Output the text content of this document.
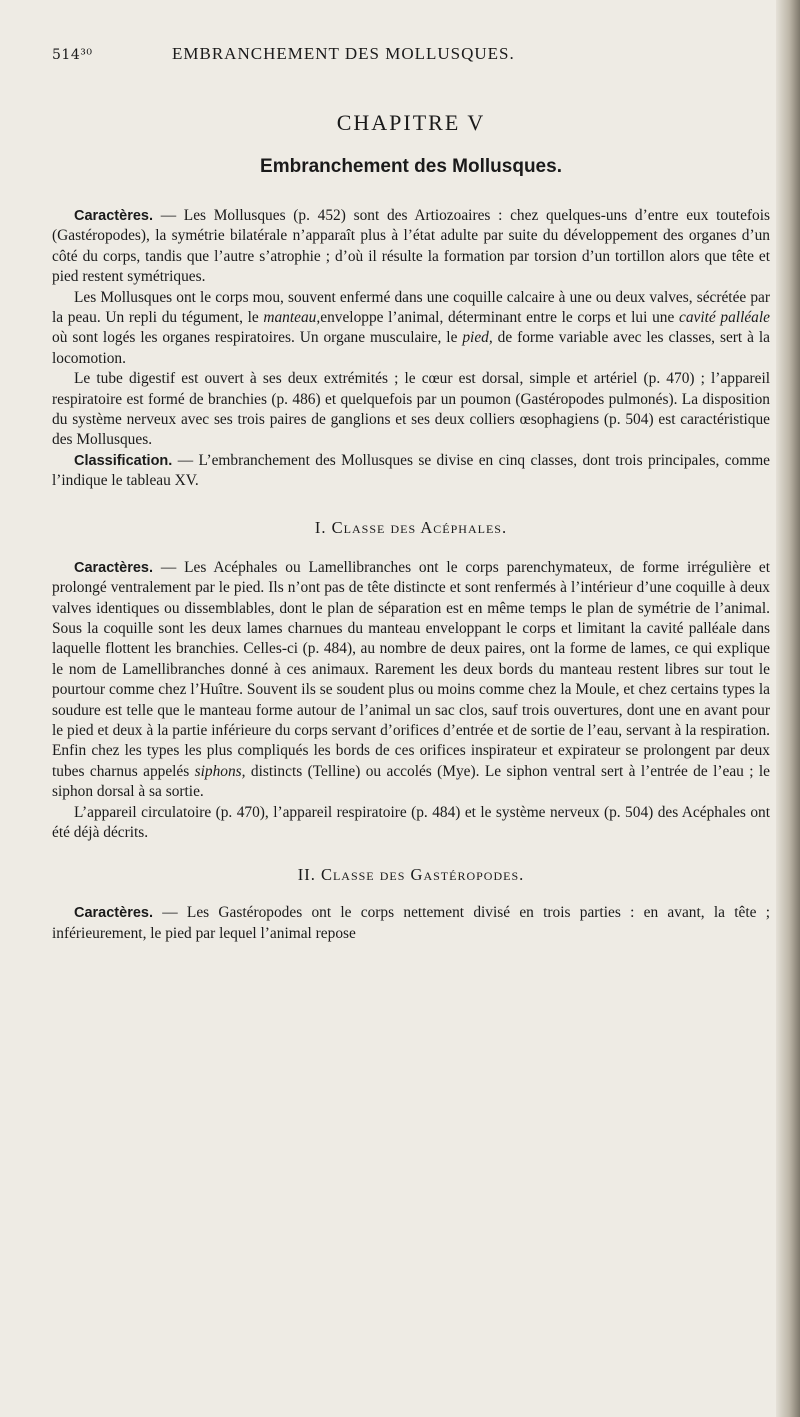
514³⁰	EMBRANCHEMENT DES MOLLUSQUES.
CHAPITRE V
Embranchement des Mollusques.

Caractères. — Les Mollusques (p. 452) sont des Artiozoaires : chez quelques-uns d’entre eux toutefois (Gastéropodes), la symétrie bilatérale n’apparaît plus à l’état adulte par suite du développement des organes d’un côté du corps, tandis que l’autre s’atrophie ; d’où il résulte la formation par torsion d’un tortillon alors que tête et pied restent symétriques.

Les Mollusques ont le corps mou, souvent enfermé dans une coquille calcaire à une ou deux valves, sécrétée par la peau. Un repli du tégument, le manteau,enveloppe l’animal, déterminant entre le corps et lui une cavité palléale où sont logés les organes respiratoires. Un organe musculaire, le pied, de forme variable avec les classes, sert à la locomotion.

Le tube digestif est ouvert à ses deux extrémités ; le cœur est dorsal, simple et artériel (p. 470) ; l’appareil respiratoire est formé de branchies (p. 486) et quelquefois par un poumon (Gastéropodes pulmonés). La disposition du système nerveux avec ses trois paires de ganglions et ses deux colliers œsophagiens (p. 504) est caractéristique des Mollusques.

Classification. — L’embranchement des Mollusques se divise en cinq classes, dont trois principales, comme l’indique le tableau XV.

I. Classe des Acéphales.

Caractères. — Les Acéphales ou Lamellibranches ont le corps parenchymateux, de forme irrégulière et prolongé ventralement par le pied. Ils n’ont pas de tête distincte et sont renfermés à l’intérieur d’une coquille à deux valves identiques ou dissemblables, dont le plan de séparation est en même temps le plan de symétrie de l’animal. Sous la coquille sont les deux lames charnues du manteau enveloppant le corps et limitant la cavité palléale dans laquelle flottent les branchies. Celles-ci (p. 484), au nombre de deux paires, ont la forme de lames, ce qui explique le nom de Lamellibranches donné à ces animaux. Rarement les deux bords du manteau restent libres sur tout le pourtour comme chez l’Huître. Souvent ils se soudent plus ou moins comme chez la Moule, et chez certains types la soudure est telle que le manteau forme autour de l’animal un sac clos, sauf trois ouvertures, dont une en avant pour le pied et deux à la partie inférieure du corps servant d’orifices d’entrée et de sortie de l’eau, servant à la respiration. Enfin chez les types les plus compliqués les bords de ces orifices inspirateur et expirateur se prolongent par deux tubes charnus appelés siphons, distincts (Telline) ou accolés (Mye). Le siphon ventral sert à l’entrée de l’eau ; le siphon dorsal à sa sortie.

L’appareil circulatoire (p. 470), l’appareil respiratoire (p. 484) et le système nerveux (p. 504) des Acéphales ont été déjà décrits.

II. Classe des Gastéropodes.

Caractères. — Les Gastéropodes ont le corps nettement divisé en trois parties : en avant, la tête ; inférieurement, le pied par lequel l’animal repose
